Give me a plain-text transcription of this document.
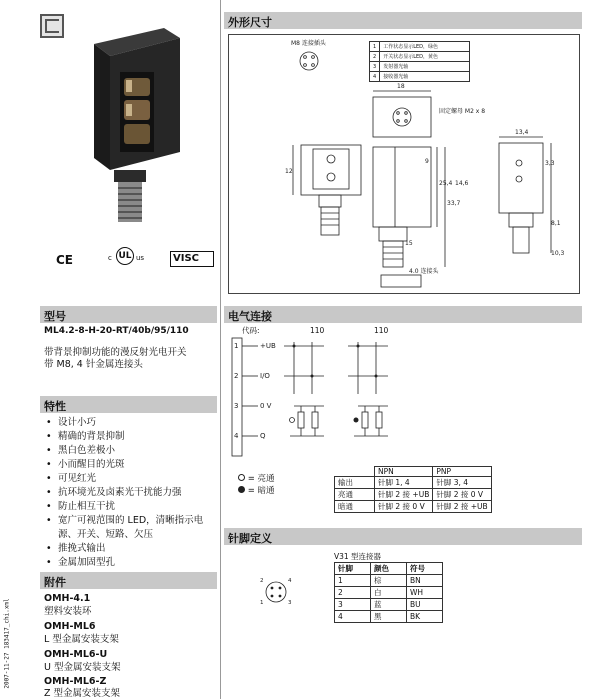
CE	c UL us	VISC
型号
ML4.2-8-H-20-RT/40b/95/110
带背景抑制功能的漫反射光电开关
带 M8, 4 针金属连接头
特性
• 设计小巧
• 精确的背景抑制
• 黑白色差极小
• 小而醒目的光斑
• 可见红光
• 抗环境光及卤素光干扰能力强
• 防止相互干扰
• 宽广可视范围的 LED，清晰指示电源、开关、短路、欠压
• 推挽式输出
• 金属加固型孔
附件
OMH-4.1
塑料安装环
OMH-ML6
L 型金属安装支架
OMH-ML6-U
U 型金属安装支架
OMH-ML6-Z
Z 型金属安装支架
2007-11-27 183417_chi.xml
外形尺寸
1	工作状态显示LED，绿色
2	开关状态显示LED，黄色
3	发射器光轴
4	接收器光轴
M8 连接插头
固定螺母 M2 x 8
18
13,4
25,4
33,7
14,6
12
9
15
8,1
3,3
10,3
4.0 连接头
电气连接
代码:	110	110
1	+UB
2	I/O
3	0 V
4	Q
= 亮通
= 暗通
	NPN	PNP
输出	针脚 1, 4	针脚 3, 4
亮通	针脚 2 接 +UB	针脚 2 接 0 V
暗通	针脚 2 接 0 V	针脚 2 接 +UB
针脚定义
V31 型连接器
2	4
1	3
针脚	颜色	符号
1	棕	BN
2	白	WH
3	蓝	BU
4	黑	BK
